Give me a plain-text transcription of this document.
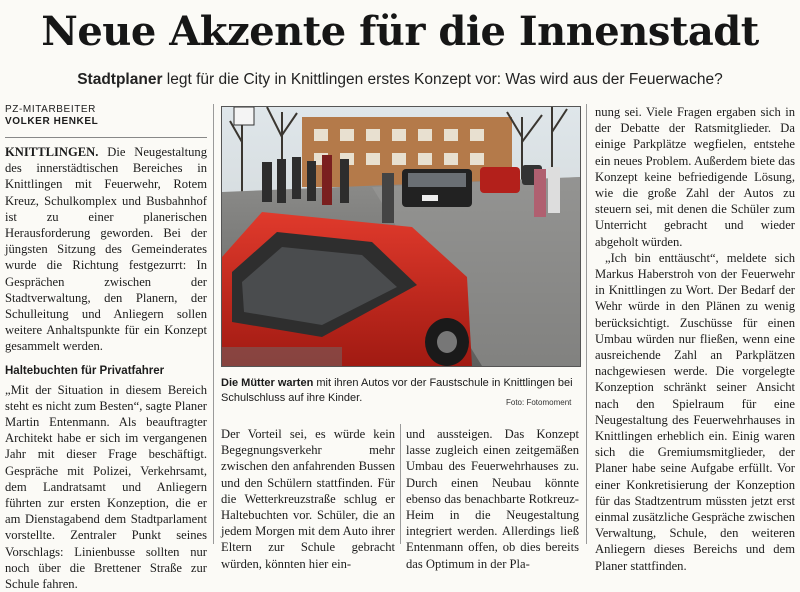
Neue Akzente für die Innenstadt
Stadtplaner legt für die City in Knittlingen erstes Konzept vor: Was wird aus der Feuerwache?
PZ-MITARBEITER
VOLKER HENKEL

KNITTLINGEN. Die Neugestaltung des innerstädtischen Bereiches in Knittlingen mit Feuerwehr, Rotem Kreuz, Schulkomplex und Busbahnhof ist zu einer planerischen Herausforderung geworden. Bei der jüngsten Sitzung des Gemeinderates wurde die Richtung festgezurrt: In Gesprächen zwischen der Stadtverwaltung, den Planern, der Schulleitung und Anliegern sollen weitere Anhaltspunkte für ein Konzept gesammelt werden.

Haltebuchten für Privatfahrer

„Mit der Situation in diesem Bereich steht es nicht zum Besten“, sagte Planer Martin Entenmann. Als beauftragter Architekt habe er sich im vergangenen Jahr mit dieser Frage beschäftigt. Gespräche mit Polizei, Verkehrsamt, dem Landratsamt und Anliegern führten zur ersten Konzeption, die er am Dienstagabend dem Stadtparlament vorstellte. Zentraler Punkt seines Vorschlags: Linienbusse sollten nur noch über die Brettener Straße zur Schule fahren.

Die Mütter warten mit ihren Autos vor der Faustschule in Knittlingen bei Schulschluss auf ihre Kinder.	Foto: Fotomoment

Der Vorteil sei, es würde kein Begegnungsverkehr mehr zwischen den anfahrenden Bussen und den Schülern stattfinden. Für die Wetterkreuzstraße schlug er Haltebuchten vor. Schüler, die an jedem Morgen mit dem Auto ihrer Eltern zur Schule gebracht würden, könnten hier ein-

und aussteigen. Das Konzept lasse zugleich einen zeitgemäßen Umbau des Feuerwehrhauses zu. Durch einen Neubau könnte ebenso das benachbarte Rotkreuz-Heim in die Neugestaltung integriert werden. Allerdings ließ Entenmann offen, ob dies bereits das Optimum in der Pla-

nung sei. Viele Fragen ergaben sich in der Debatte der Ratsmitglieder. Da einige Parkplätze wegfielen, entstehe ein neues Problem. Außerdem biete das Konzept keine befriedigende Lösung, wie die große Zahl der Autos zu steuern sei, mit denen die Schüler zum Unterricht gebracht und wieder abgeholt würden.

„Ich bin enttäuscht“, meldete sich Markus Haberstroh von der Feuerwehr in Knittlingen zu Wort. Der Bedarf der Wehr würde in den Plänen zu wenig berücksichtigt. Zuschüsse für einen Umbau würden nur fließen, wenn eine ausreichende Zahl an Parkplätzen nachgewiesen werde. Die vorgelegte Konzeption schränkt seiner Ansicht nach den Spielraum für eine Neugestaltung des Feuerwehrhauses in Knittlingen erheblich ein. Einig waren sich die Gremiumsmitglieder, der Planer habe seine Aufgabe erfüllt. Vor einer Konkretisierung der Konzeption für das Stadtzentrum müssten jetzt erst einmal zusätzliche Gespräche zwischen Verwaltung, Schule, den weiteren Anliegern dieses Bereichs und dem Planer stattfinden.
